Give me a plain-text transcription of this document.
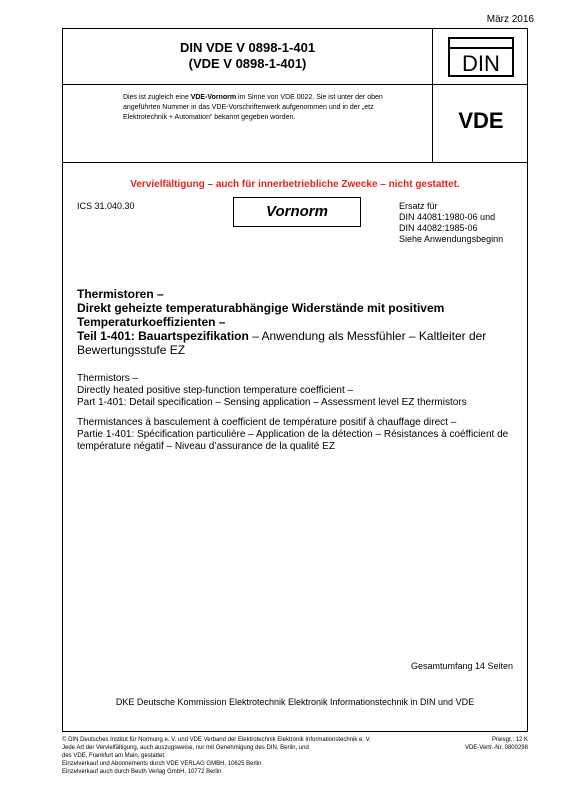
März 2016
DIN VDE V 0898-1-401
(VDE V 0898-1-401)	DIN
Dies ist zugleich eine VDE-Vornorm im Sinne von VDE 0022. Sie ist unter der oben angeführten Nummer in das VDE-Vorschriftenwerk aufgenommen und in der „etz Elektrotechnik + Automation“ bekannt gegeben worden.	VDE
Vervielfältigung – auch für innerbetriebliche Zwecke – nicht gestattet.
ICS 31.040.30	Vornorm	Ersatz für
DIN 44081:1980-06 und
DIN 44082:1985-06
Siehe Anwendungsbeginn
Thermistoren –
Direkt geheizte temperaturabhängige Widerstände mit positivem Temperaturkoeffizienten –
Teil 1-401: Bauartspezifikation – Anwendung als Messfühler – Kaltleiter der Bewertungsstufe EZ
Thermistors –
Directly heated positive step-function temperature coefficient –
Part 1-401: Detail specification – Sensing application – Assessment level EZ thermistors
Thermistances à basculement à coefficient de température positif à chauffage direct –
Partie 1-401: Spécification particulière – Application de la détection – Résistances à coéfficient de température négatif – Niveau d’assurance de la qualité EZ
Gesamtumfang 14 Seiten
DKE Deutsche Kommission Elektrotechnik Elektronik Informationstechnik in DIN und VDE
© DIN Deutsches Institut für Normung e. V. und VDE Verband der Elektrotechnik Elektronik Informationstechnik e. V.
Jede Art der Vervielfältigung, auch auszugsweise, nur mit Genehmigung des DIN, Berlin, und
des VDE, Frankfurt am Main, gestattet.
Einzelverkauf und Abonnements durch VDE VERLAG GMBH, 10625 Berlin
Einzelverkauf auch durch Beuth Verlag GmbH, 10772 Berlin
Preisgr.: 12 K
VDE-Vertr.-Nr. 0800298
